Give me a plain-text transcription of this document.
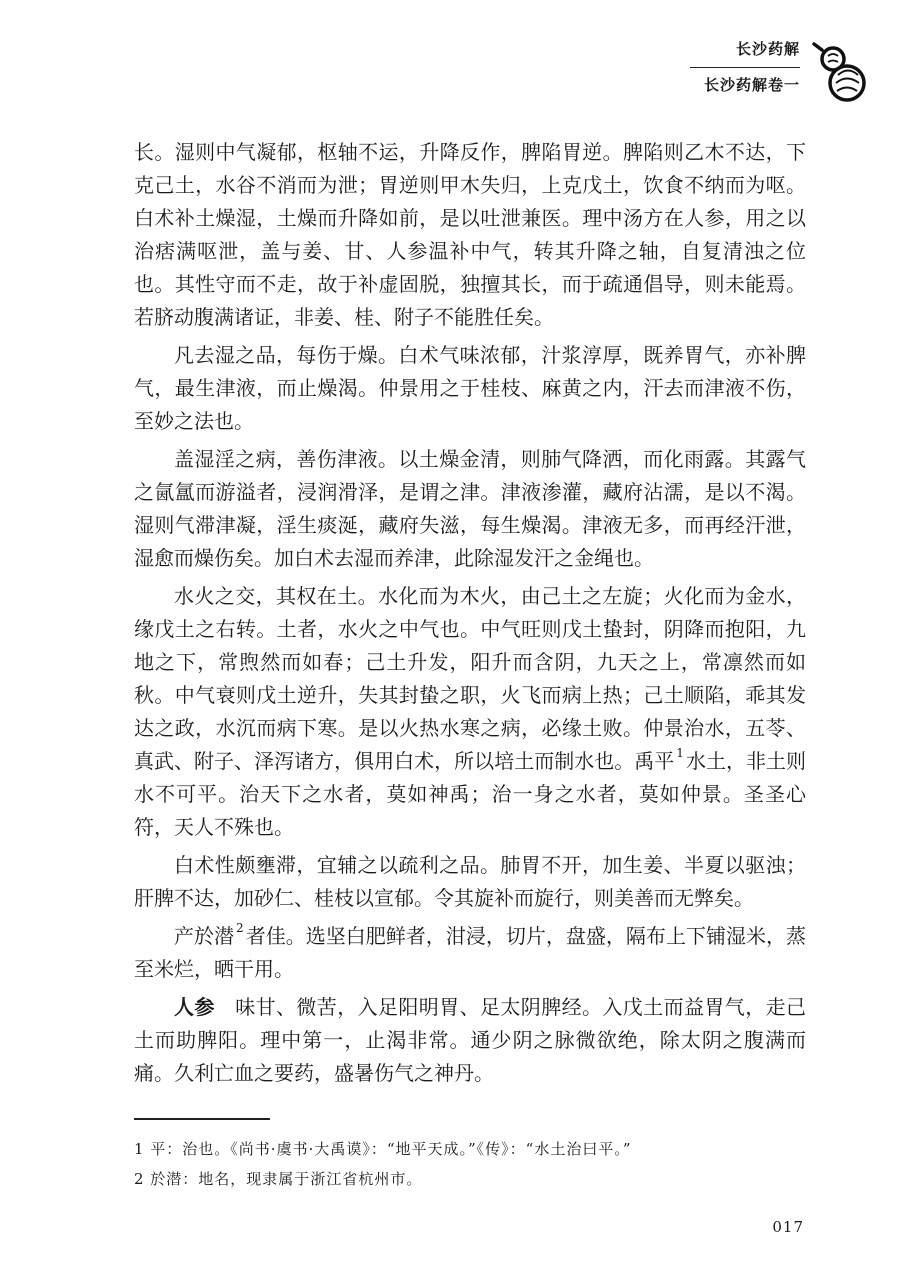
长沙药解
长沙药解卷一

长。湿则中气凝郁，枢轴不运，升降反作，脾陷胃逆。脾陷则乙木不达，下克己土，水谷不消而为泄；胃逆则甲木失归，上克戊土，饮食不纳而为呕。白术补土燥湿，土燥而升降如前，是以吐泄兼医。理中汤方在人参，用之以治痞满呕泄，盖与姜、甘、人参温补中气，转其升降之轴，自复清浊之位也。其性守而不走，故于补虚固脱，独擅其长，而于疏通倡导，则未能焉。若脐动腹满诸证，非姜、桂、附子不能胜任矣。

凡去湿之品，每伤于燥。白术气味浓郁，汁浆淳厚，既养胃气，亦补脾气，最生津液，而止燥渴。仲景用之于桂枝、麻黄之内，汗去而津液不伤，至妙之法也。

盖湿淫之病，善伤津液。以土燥金清，则肺气降洒，而化雨露。其露气之氤氲而游溢者，浸润滑泽，是谓之津。津液渗灌，藏府沾濡，是以不渴。湿则气滞津凝，淫生痰涎，藏府失滋，每生燥渴。津液无多，而再经汗泄，湿愈而燥伤矣。加白术去湿而养津，此除湿发汗之金绳也。

水火之交，其权在土。水化而为木火，由己土之左旋；火化而为金水，缘戊土之右转。土者，水火之中气也。中气旺则戊土蛰封，阴降而抱阳，九地之下，常煦然而如春；己土升发，阳升而含阴，九天之上，常凛然而如秋。中气衰则戊土逆升，失其封蛰之职，火飞而病上热；己土顺陷，乖其发达之政，水沉而病下寒。是以火热水寒之病，必缘土败。仲景治水，五苓、真武、附子、泽泻诸方，俱用白术，所以培土而制水也。禹平 $^1$ 水土，非土则水不可平。治天下之水者，莫如神禹；治一身之水者，莫如仲景。圣圣心符，天人不殊也。

白术性颇壅滞，宜辅之以疏利之品。肺胃不开，加生姜、半夏以驱浊；肝脾不达，加砂仁、桂枝以宣郁。令其旋补而旋行，则美善而无弊矣。

产於潜 $^2$ 者佳。选坚白肥鲜者，泔浸，切片，盘盛，隔布上下铺湿米，蒸至米烂，晒干用。

人参  味甘、微苦，入足阳明胃、足太阴脾经。入戊土而益胃气，走己土而助脾阳。理中第一，止渴非常。通少阴之脉微欲绝，除太阴之腹满而痛。久利亡血之要药，盛暑伤气之神丹。

1 平：治也。《尚书·虞书·大禹谟》：“地平天成。”《传》：“水土治曰平。”
2 於潜：地名，现隶属于浙江省杭州市。
017
